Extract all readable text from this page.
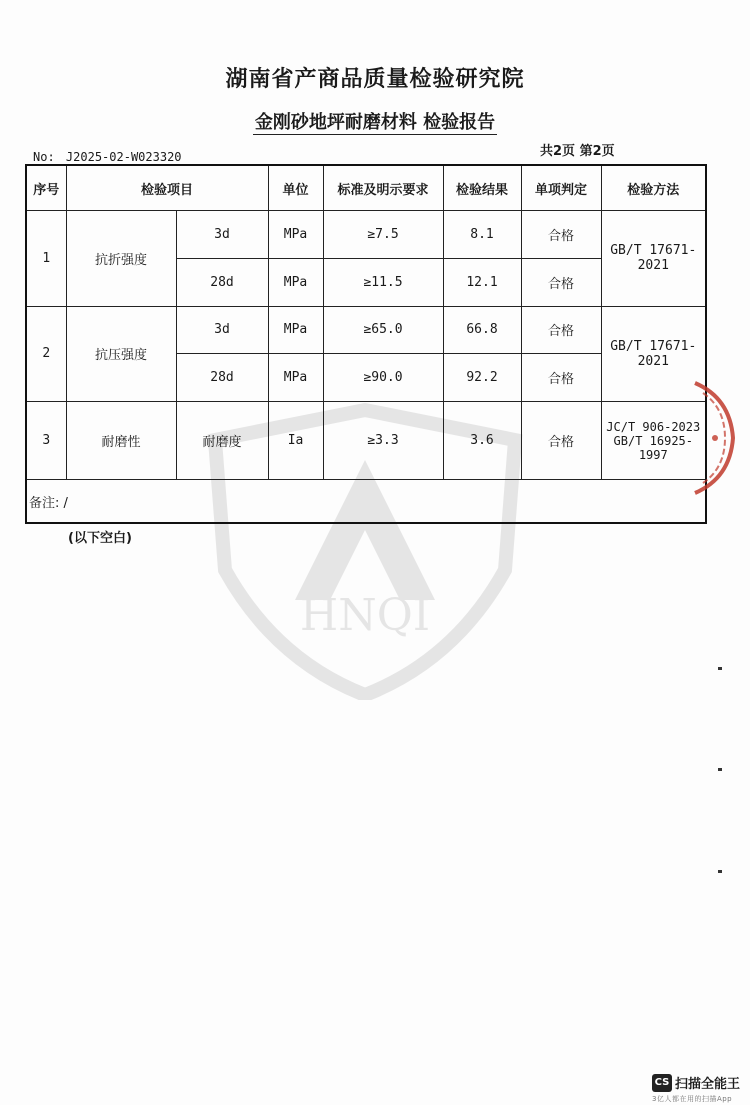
HNQI
湖南省产商品质量检验研究院
金刚砂地坪耐磨材料 检验报告
共2页 第2页
No: J2025-02-W023320
序号	检验项目		单位	标准及明示要求	检验结果	单项判定	检验方法
1	抗折强度	3d	MPa	≥7.5	8.1	合格	GB/T 17671-2021
		28d	MPa	≥11.5	12.1	合格	
2	抗压强度	3d	MPa	≥65.0	66.8	合格	GB/T 17671-2021
		28d	MPa	≥90.0	92.2	合格	
3	耐磨性	耐磨度	Ia	≥3.3	3.6	合格	JC/T 906-2023 GB/T 16925-1997
备注: /							
(以下空白)
CS 扫描全能王
3亿人都在用的扫描App
